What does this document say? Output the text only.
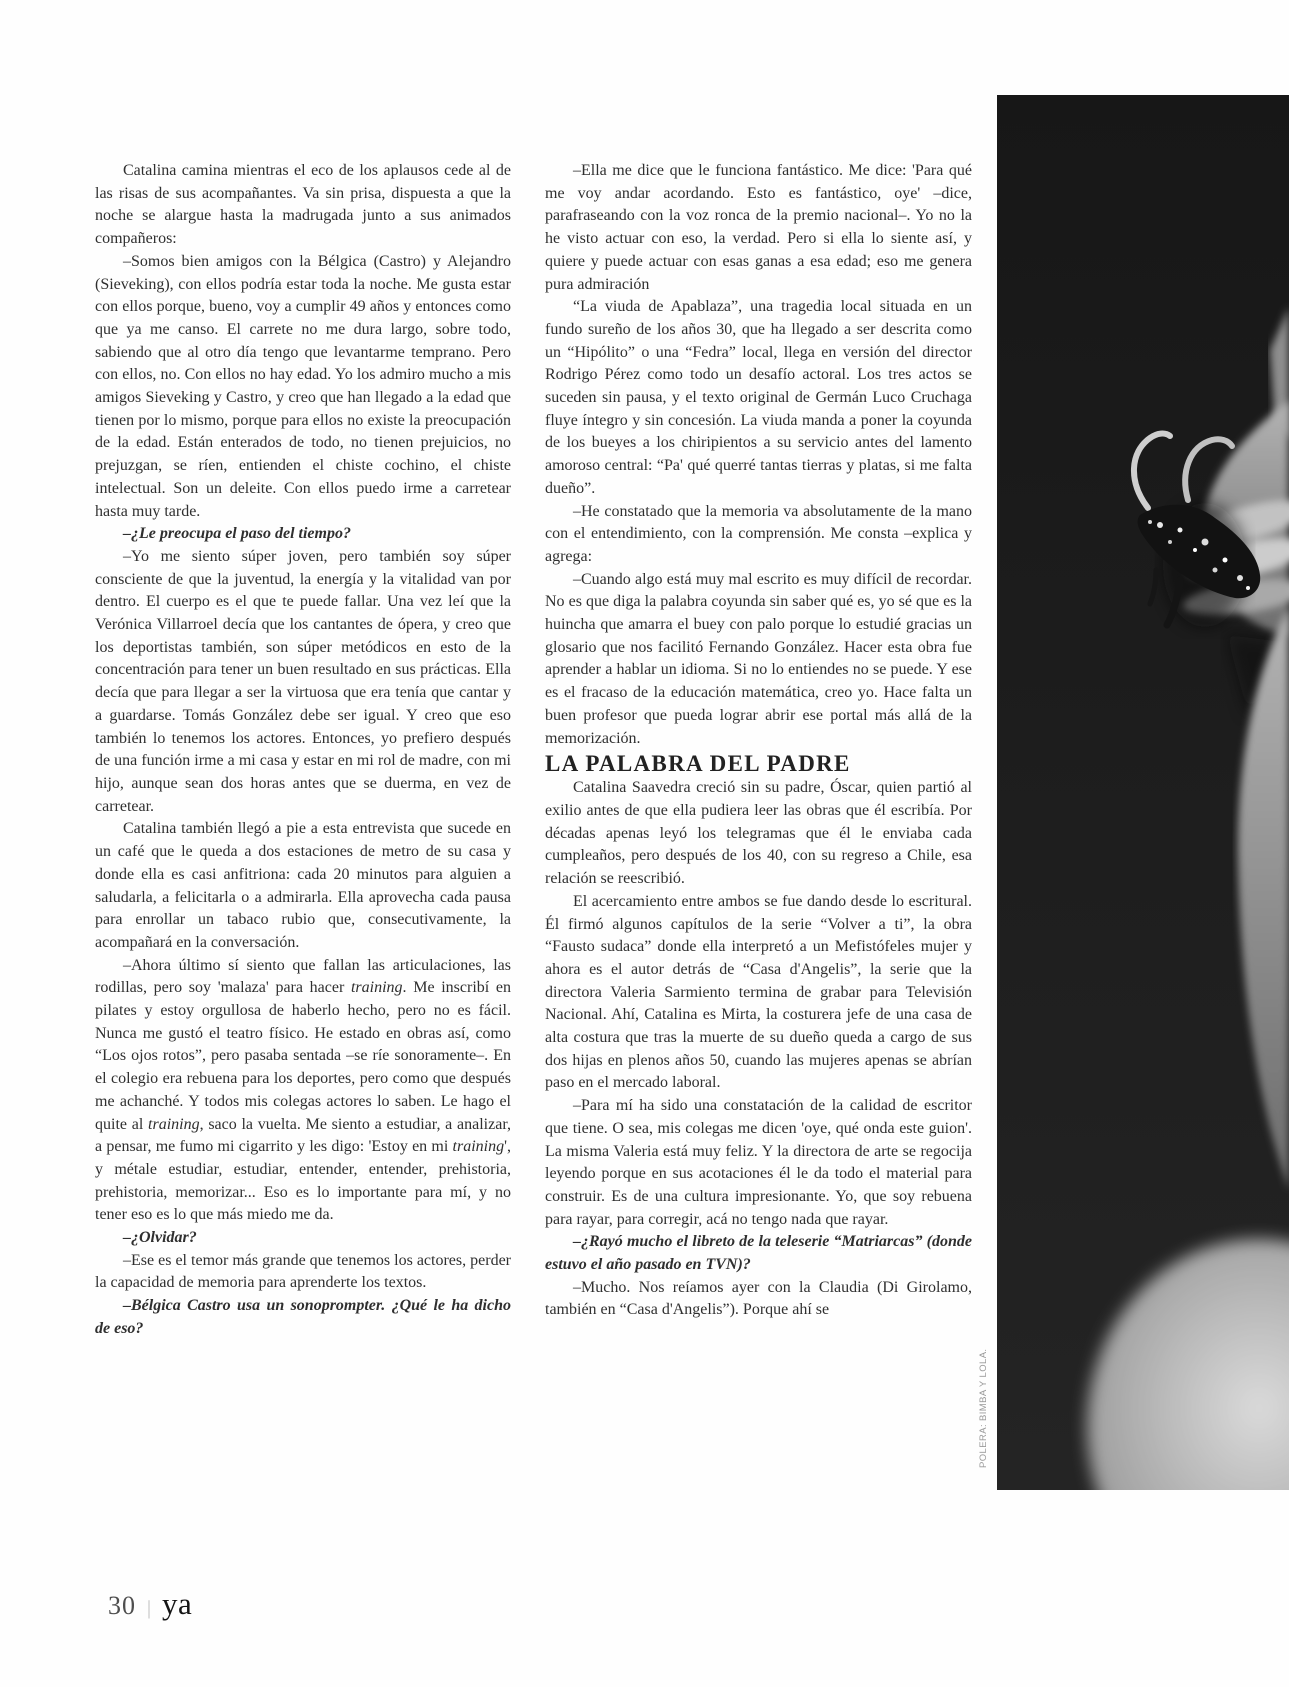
Catalina camina mientras el eco de los aplausos cede al de las risas de sus acompañantes. Va sin prisa, dispuesta a que la noche se alargue hasta la madrugada junto a sus animados compañeros:

–Somos bien amigos con la Bélgica (Castro) y Alejandro (Sieveking), con ellos podría estar toda la noche. Me gusta estar con ellos porque, bueno, voy a cumplir 49 años y entonces como que ya me canso. El carrete no me dura largo, sobre todo, sabiendo que al otro día tengo que levantarme temprano. Pero con ellos, no. Con ellos no hay edad. Yo los admiro mucho a mis amigos Sieveking y Castro, y creo que han llegado a la edad que tienen por lo mismo, porque para ellos no existe la preocupación de la edad. Están enterados de todo, no tienen prejuicios, no prejuzgan, se ríen, entienden el chiste cochino, el chiste intelectual. Son un deleite. Con ellos puedo irme a carretear hasta muy tarde.

–¿Le preocupa el paso del tiempo?

–Yo me siento súper joven, pero también soy súper consciente de que la juventud, la energía y la vitalidad van por dentro. El cuerpo es el que te puede fallar. Una vez leí que la Verónica Villarroel decía que los cantantes de ópera, y creo que los deportistas también, son súper metódicos en esto de la concentración para tener un buen resultado en sus prácticas. Ella decía que para llegar a ser la virtuosa que era tenía que cantar y a guardarse. Tomás González debe ser igual. Y creo que eso también lo tenemos los actores. Entonces, yo prefiero después de una función irme a mi casa y estar en mi rol de madre, con mi hijo, aunque sean dos horas antes que se duerma, en vez de carretear.

Catalina también llegó a pie a esta entrevista que sucede en un café que le queda a dos estaciones de metro de su casa y donde ella es casi anfitriona: cada 20 minutos para alguien a saludarla, a felicitarla o a admirarla. Ella aprovecha cada pausa para enrollar un tabaco rubio que, consecutivamente, la acompañará en la conversación.

–Ahora último sí siento que fallan las articulaciones, las rodillas, pero soy 'malaza' para hacer training. Me inscribí en pilates y estoy orgullosa de haberlo hecho, pero no es fácil. Nunca me gustó el teatro físico. He estado en obras así, como “Los ojos rotos”, pero pasaba sentada –se ríe sonoramente–. En el colegio era rebuena para los deportes, pero como que después me achanché. Y todos mis colegas actores lo saben. Le hago el quite al training, saco la vuelta. Me siento a estudiar, a analizar, a pensar, me fumo mi cigarrito y les digo: 'Estoy en mi training', y métale estudiar, estudiar, entender, entender, prehistoria, prehistoria, memorizar... Eso es lo importante para mí, y no tener eso es lo que más miedo me da.

–¿Olvidar?

–Ese es el temor más grande que tenemos los actores, perder la capacidad de memoria para aprenderte los textos.

–Bélgica Castro usa un sonoprompter. ¿Qué le ha dicho de eso?

–Ella me dice que le funciona fantástico. Me dice: 'Para qué me voy andar acordando. Esto es fantástico, oye' –dice, parafraseando con la voz ronca de la premio nacional–. Yo no la he visto actuar con eso, la verdad. Pero si ella lo siente así, y quiere y puede actuar con esas ganas a esa edad; eso me genera pura admiración

“La viuda de Apablaza”, una tragedia local situada en un fundo sureño de los años 30, que ha llegado a ser descrita como un “Hipólito” o una “Fedra” local, llega en versión del director Rodrigo Pérez como todo un desafío actoral. Los tres actos se suceden sin pausa, y el texto original de Germán Luco Cruchaga fluye íntegro y sin concesión. La viuda manda a poner la coyunda de los bueyes a los chiripientos a su servicio antes del lamento amoroso central: “Pa' qué querré tantas tierras y platas, si me falta dueño”.

–He constatado que la memoria va absolutamente de la mano con el entendimiento, con la comprensión. Me consta –explica y agrega:

–Cuando algo está muy mal escrito es muy difícil de recordar. No es que diga la palabra coyunda sin saber qué es, yo sé que es la huincha que amarra el buey con palo porque lo estudié gracias un glosario que nos facilitó Fernando González. Hacer esta obra fue aprender a hablar un idioma. Si no lo entiendes no se puede. Y ese es el fracaso de la educación matemática, creo yo. Hace falta un buen profesor que pueda lograr abrir ese portal más allá de la memorización.

LA PALABRA DEL PADRE

Catalina Saavedra creció sin su padre, Óscar, quien partió al exilio antes de que ella pudiera leer las obras que él escribía. Por décadas apenas leyó los telegramas que él le enviaba cada cumpleaños, pero después de los 40, con su regreso a Chile, esa relación se reescribió.

El acercamiento entre ambos se fue dando desde lo escritural. Él firmó algunos capítulos de la serie “Volver a ti”, la obra “Fausto sudaca” donde ella interpretó a un Mefistófeles mujer y ahora es el autor detrás de “Casa d'Angelis”, la serie que la directora Valeria Sarmiento termina de grabar para Televisión Nacional. Ahí, Catalina es Mirta, la costurera jefe de una casa de alta costura que tras la muerte de su dueño queda a cargo de sus dos hijas en plenos años 50, cuando las mujeres apenas se abrían paso en el mercado laboral.

–Para mí ha sido una constatación de la calidad de escritor que tiene. O sea, mis colegas me dicen 'oye, qué onda este guion'. La misma Valeria está muy feliz. Y la directora de arte se regocija leyendo porque en sus acotaciones él le da todo el material para construir. Es de una cultura impresionante. Yo, que soy rebuena para rayar, para corregir, acá no tengo nada que rayar.

–¿Rayó mucho el libreto de la teleserie “Matriarcas” (donde estuvo el año pasado en TVN)?

–Mucho. Nos reíamos ayer con la Claudia (Di Girolamo, también en “Casa d'Angelis”). Porque ahí se

POLERA: BIMBA Y LOLA.
30 | ya
